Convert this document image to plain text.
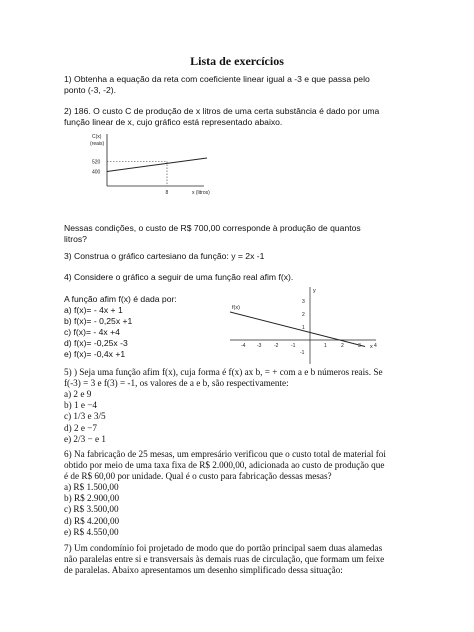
Lista de exercícios
1) Obtenha a equação da reta com coeficiente linear igual a -3 e que passa pelo
ponto (-3, -2).
2) 186. O custo C de produção de x litros de uma certa substância é dado por uma
função linear de x, cujo gráfico está representado abaixo.
C(x)
(reais)
520
400
8	x (litros)
Nessas condições, o custo de R$ 700,00 corresponde à produção de quantos
litros?
3) Construa o gráfico cartesiano da função: y = 2x -1
4) Considere o gráfico a seguir de uma função real afim f(x).
A função afim f(x) é dada por:
a) f(x)= - 4x + 1
b) f(x)= - 0,25x +1
c) f(x)= - 4x +4
d) f(x)= -0,25x -3
e) f(x)= -0,4x +1
f(x)
y
x
-4 -3	-2	-1	1	2	3	4
3
2
1
-1
5) ) Seja uma função afim f(x), cuja forma é f(x) ax b, = + com a e b números reais. Se
f(-3) = 3 e f(3) = -1, os valores de a e b, são respectivamente:
a) 2 e 9
b) 1 e −4
c) 1/3 e 3/5
d) 2 e −7
e) 2/3 − e 1
6) Na fabricação de 25 mesas, um empresário verificou que o custo total de material foi
obtido por meio de uma taxa fixa de R$ 2.000,00, adicionada ao custo de produção que
é de R$ 60,00 por unidade. Qual é o custo para fabricação dessas mesas?
a) R$ 1.500,00
b) R$ 2.900,00
c) R$ 3.500,00
d) R$ 4.200,00
e) R$ 4.550,00
7) Um condomínio foi projetado de modo que do portão principal saem duas alamedas
não paralelas entre si e transversais às demais ruas de circulação, que formam um feixe
de paralelas. Abaixo apresentamos um desenho simplificado dessa situação:
